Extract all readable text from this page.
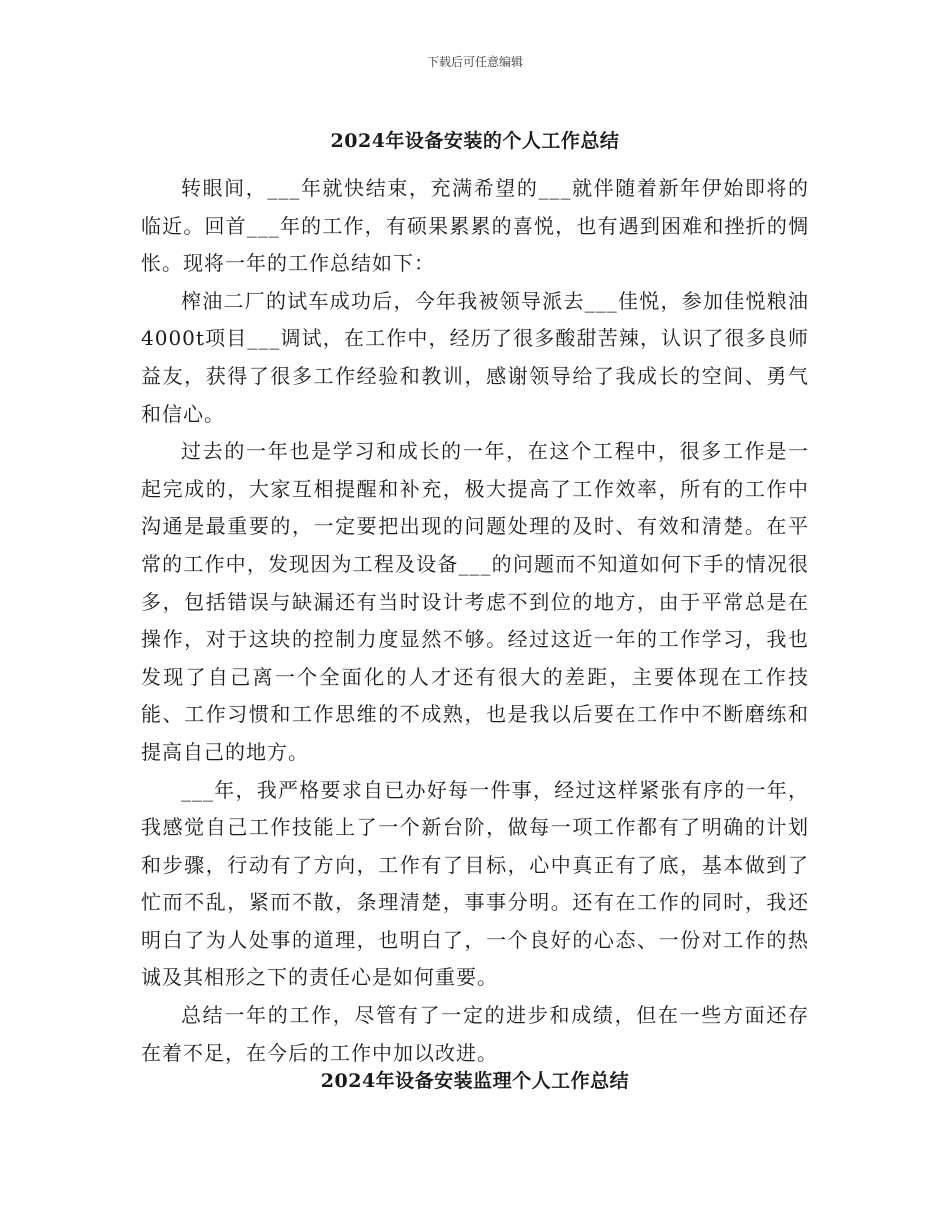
下载后可任意编辑
2024年设备安装的个人工作总结

转眼间，___年就快结束，充满希望的___就伴随着新年伊始即将的临近。回首___年的工作，有硕果累累的喜悦，也有遇到困难和挫折的惆怅。现将一年的工作总结如下：

榨油二厂的试车成功后，今年我被领导派去___佳悦，参加佳悦粮油4000t项目___调试，在工作中，经历了很多酸甜苦辣，认识了很多良师益友，获得了很多工作经验和教训，感谢领导给了我成长的空间、勇气和信心。

过去的一年也是学习和成长的一年，在这个工程中，很多工作是一起完成的，大家互相提醒和补充，极大提高了工作效率，所有的工作中沟通是最重要的，一定要把出现的问题处理的及时、有效和清楚。在平常的工作中，发现因为工程及设备___的问题而不知道如何下手的情况很多，包括错误与缺漏还有当时设计考虑不到位的地方，由于平常总是在操作，对于这块的控制力度显然不够。经过这近一年的工作学习，我也发现了自己离一个全面化的人才还有很大的差距，主要体现在工作技能、工作习惯和工作思维的不成熟，也是我以后要在工作中不断磨练和提高自己的地方。

___年，我严格要求自已办好每一件事，经过这样紧张有序的一年，我感觉自己工作技能上了一个新台阶，做每一项工作都有了明确的计划和步骤，行动有了方向，工作有了目标，心中真正有了底，基本做到了忙而不乱，紧而不散，条理清楚，事事分明。还有在工作的同时，我还明白了为人处事的道理，也明白了，一个良好的心态、一份对工作的热诚及其相形之下的责任心是如何重要。

总结一年的工作，尽管有了一定的进步和成绩，但在一些方面还存在着不足，在今后的工作中加以改进。

2024年设备安装监理个人工作总结
